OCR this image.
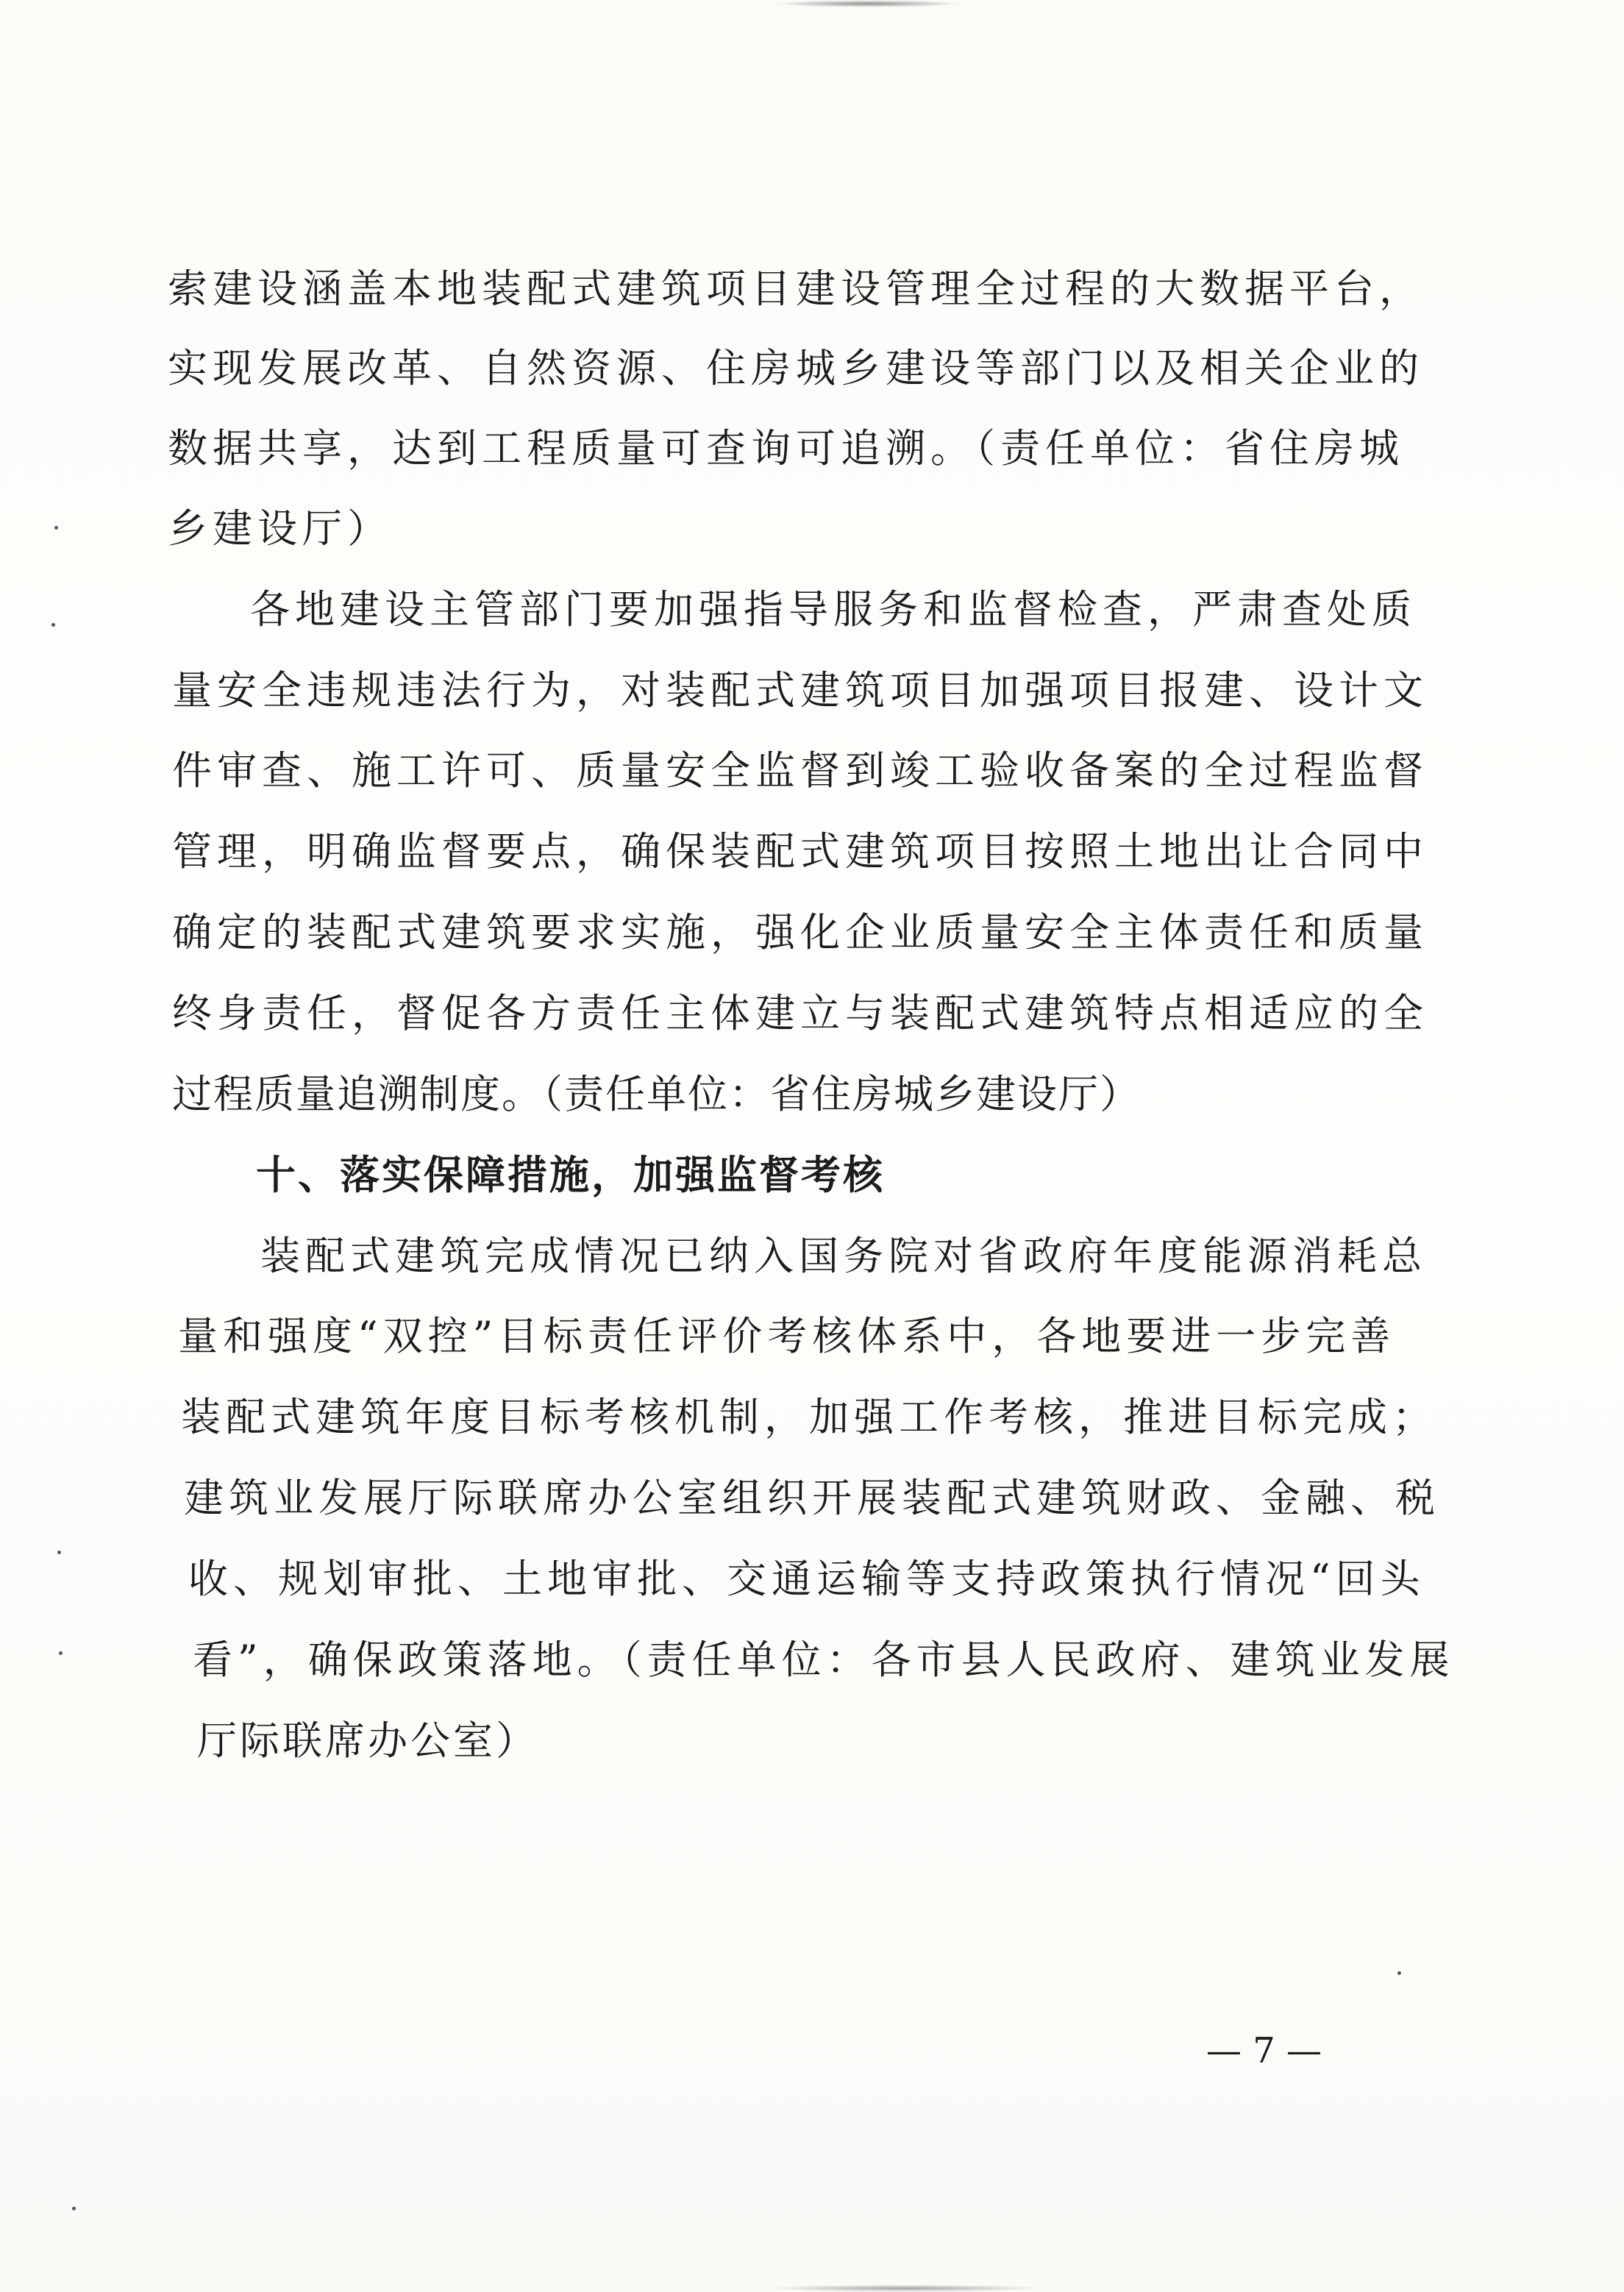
索建设涵盖本地装配式建筑项目建设管理全过程的大数据平台，
实现发展改革、自然资源、住房城乡建设等部门以及相关企业的
数据共享，达到工程质量可查询可追溯。（责任单位：省住房城
乡建设厅）
各地建设主管部门要加强指导服务和监督检查，严肃查处质
量安全违规违法行为，对装配式建筑项目加强项目报建、设计文
件审查、施工许可、质量安全监督到竣工验收备案的全过程监督
管理，明确监督要点，确保装配式建筑项目按照土地出让合同中
确定的装配式建筑要求实施，强化企业质量安全主体责任和质量
终身责任，督促各方责任主体建立与装配式建筑特点相适应的全
过程质量追溯制度。（责任单位：省住房城乡建设厅）
十、落实保障措施，加强监督考核
装配式建筑完成情况已纳入国务院对省政府年度能源消耗总
量和强度“双控”目标责任评价考核体系中，各地要进一步完善
装配式建筑年度目标考核机制，加强工作考核，推进目标完成；
建筑业发展厅际联席办公室组织开展装配式建筑财政、金融、税
收、规划审批、土地审批、交通运输等支持政策执行情况“回头
看”，确保政策落地。（责任单位：各市县人民政府、建筑业发展
厅际联席办公室）
— 7 —
